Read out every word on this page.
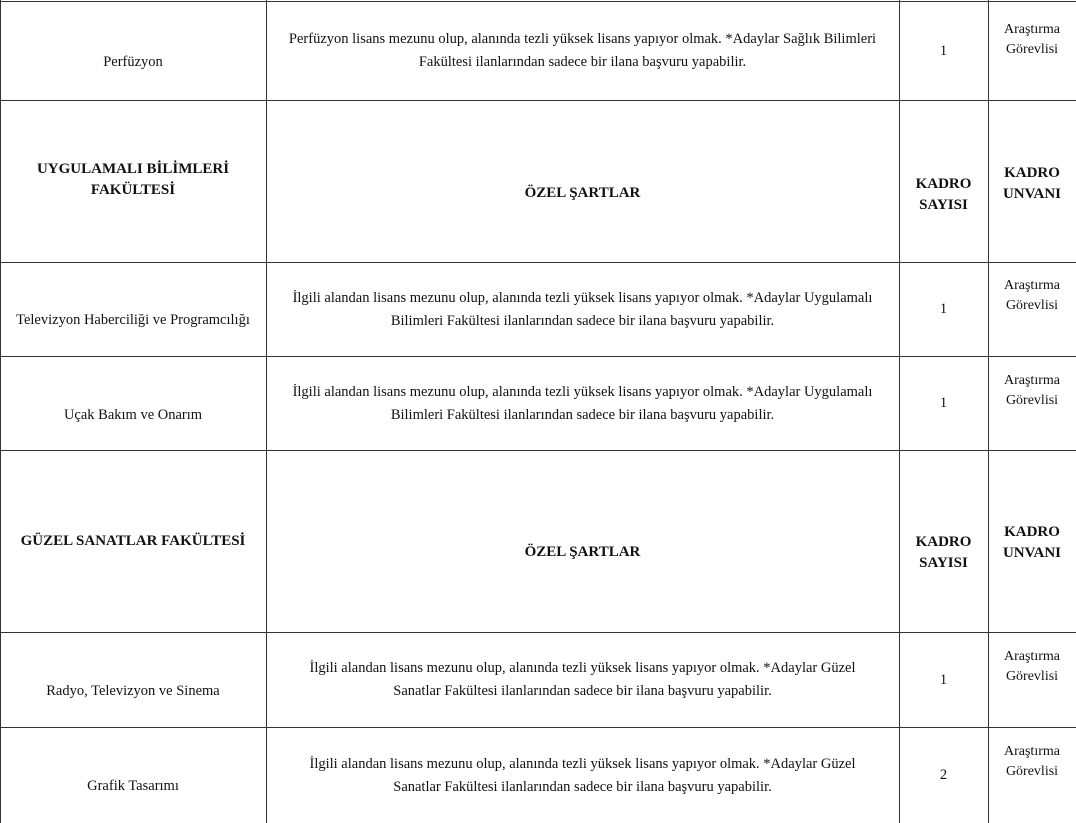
Perfüzyon
Perfüzyon lisans mezunu olup, alanında tezli yüksek lisans yapıyor olmak. *Adaylar Sağlık Bilimleri
Fakültesi ilanlarından sadece bir ilana başvuru yapabilir.
1
Araştırma
Görevlisi
UYGULAMALI BİLİMLERİ
FAKÜLTESİ	ÖZEL ŞARTLAR
KADRO
SAYISI
KADRO
UNVANI
Televizyon Haberciliği ve Programcılığı
İlgili alandan lisans mezunu olup, alanında tezli yüksek lisans yapıyor olmak. *Adaylar Uygulamalı
Bilimleri Fakültesi ilanlarından sadece bir ilana başvuru yapabilir.
1
Araştırma
Görevlisi
Uçak Bakım ve Onarım
İlgili alandan lisans mezunu olup, alanında tezli yüksek lisans yapıyor olmak. *Adaylar Uygulamalı
Bilimleri Fakültesi ilanlarından sadece bir ilana başvuru yapabilir.
1
Araştırma
Görevlisi
GÜZEL SANATLAR FAKÜLTESİ
ÖZEL ŞARTLAR
KADRO
SAYISI
KADRO
UNVANI
Radyo, Televizyon ve Sinema
İlgili alandan lisans mezunu olup, alanında tezli yüksek lisans yapıyor olmak. *Adaylar Güzel
Sanatlar Fakültesi ilanlarından sadece bir ilana başvuru yapabilir.
1
Araştırma
Görevlisi
Grafik Tasarımı
İlgili alandan lisans mezunu olup, alanında tezli yüksek lisans yapıyor olmak. *Adaylar Güzel
Sanatlar Fakültesi ilanlarından sadece bir ilana başvuru yapabilir.
2
Araştırma
Görevlisi
